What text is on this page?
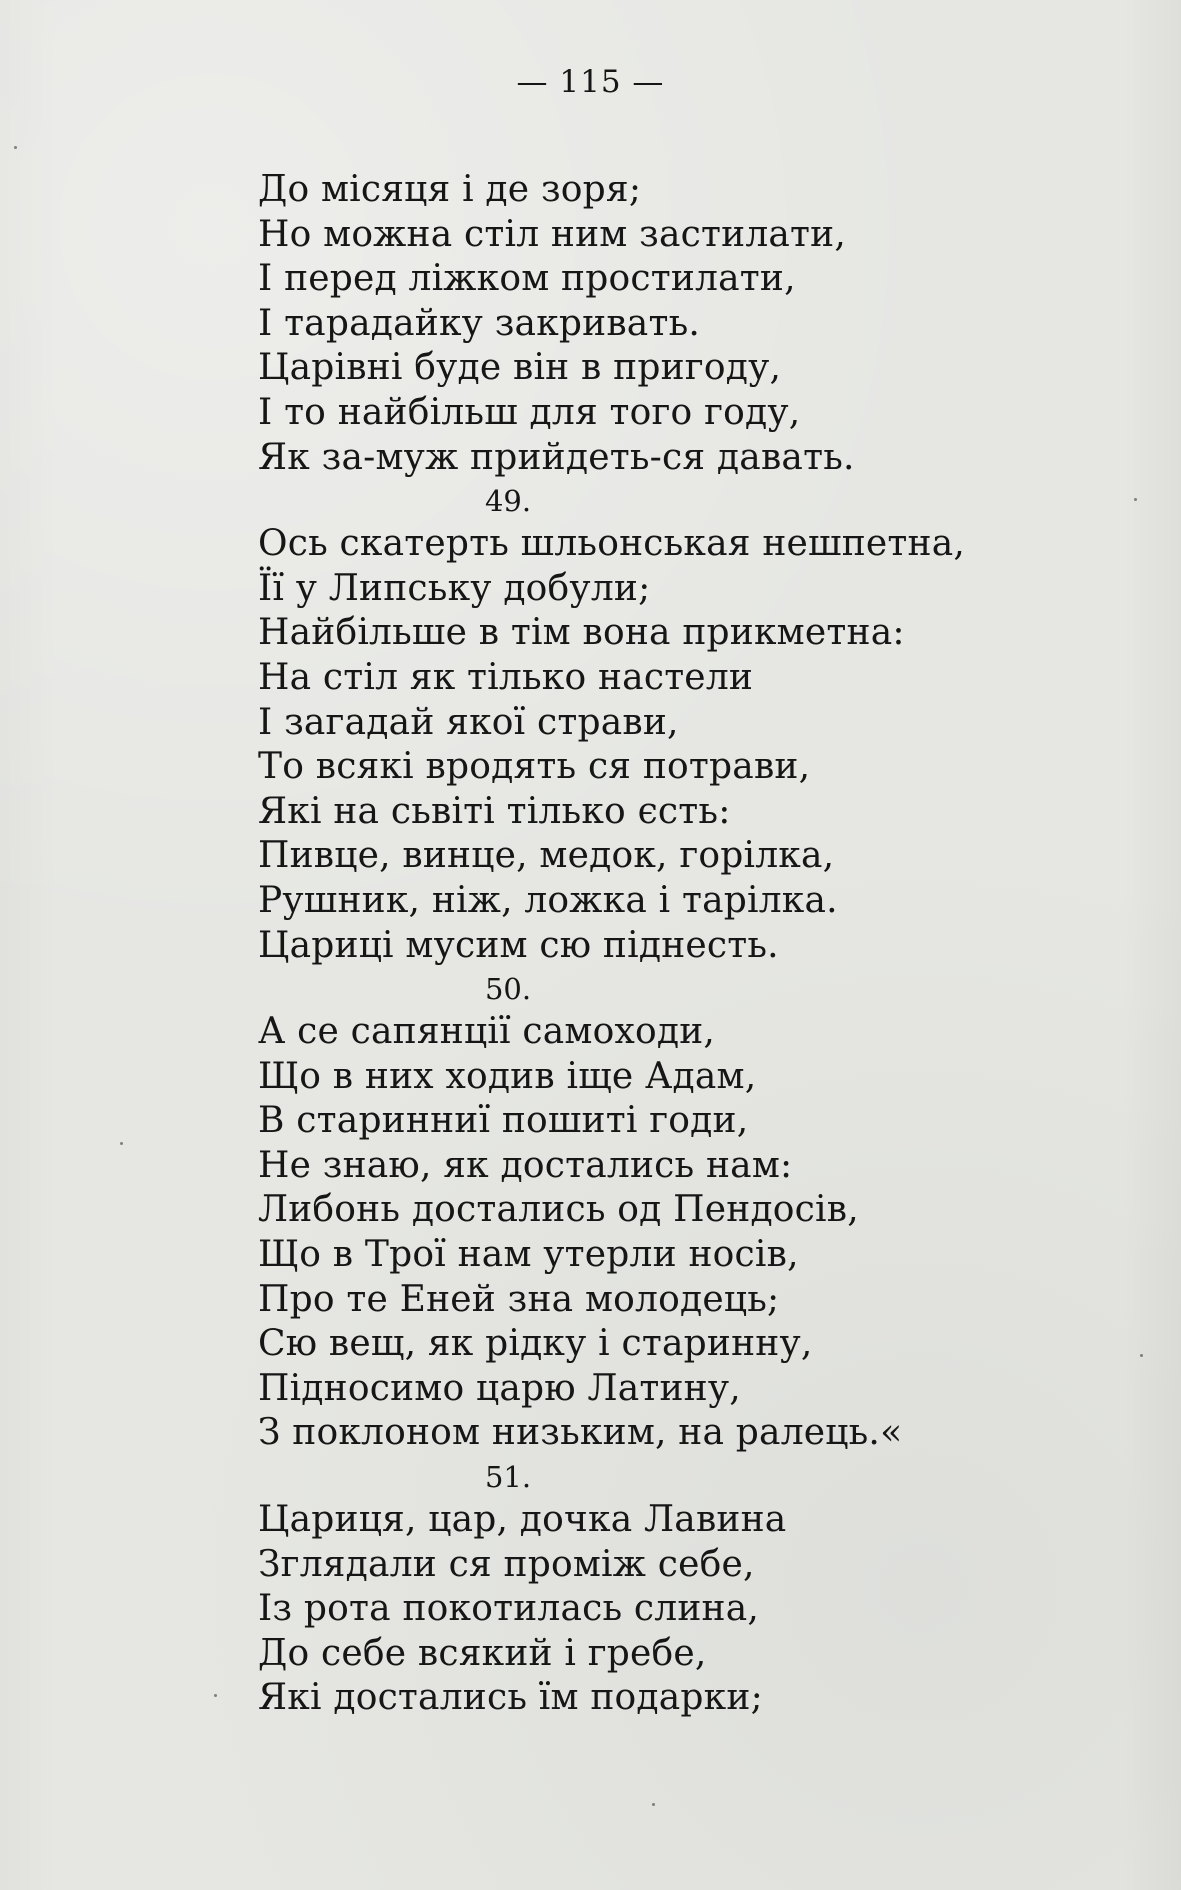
— 115 —
До місяця і де зоря;
Но можна стіл ним застилати,
І перед ліжком простилати,
І тарадайку закривать.
Царівні буде він в пригоду,
І то найбільш для того году,
Як за-муж прийдеть-ся давать.
49.
Ось скатерть шльонськая нешпетна,
Її у Липську добули;
Найбільше в тім вона прикметна:
На стіл як тілько настели
І загадай якої страви,
То всякі вродять ся потрави,
Які на сьвіті тілько єсть:
Пивце, винце, медок, горілка,
Рушник, ніж, ложка і тарілка.
Цариці мусим сю піднесть.
50.
А се сапянції самоходи,
Що в них ходив іще Адам,
В старинниї пошиті годи,
Не знаю, як достались нам:
Либонь достались од Пендосів,
Що в Трої нам утерли носів,
Про те Еней зна молодець;
Сю вещ, як рідку і старинну,
Підносимо царю Латину,
З поклоном низьким, на ралець.«
51.
Цариця, цар, дочка Лавина
Зглядали ся проміж себе,
Із рота покотилась слина,
До себе всякий і гребе,
Які достались їм подарки;
